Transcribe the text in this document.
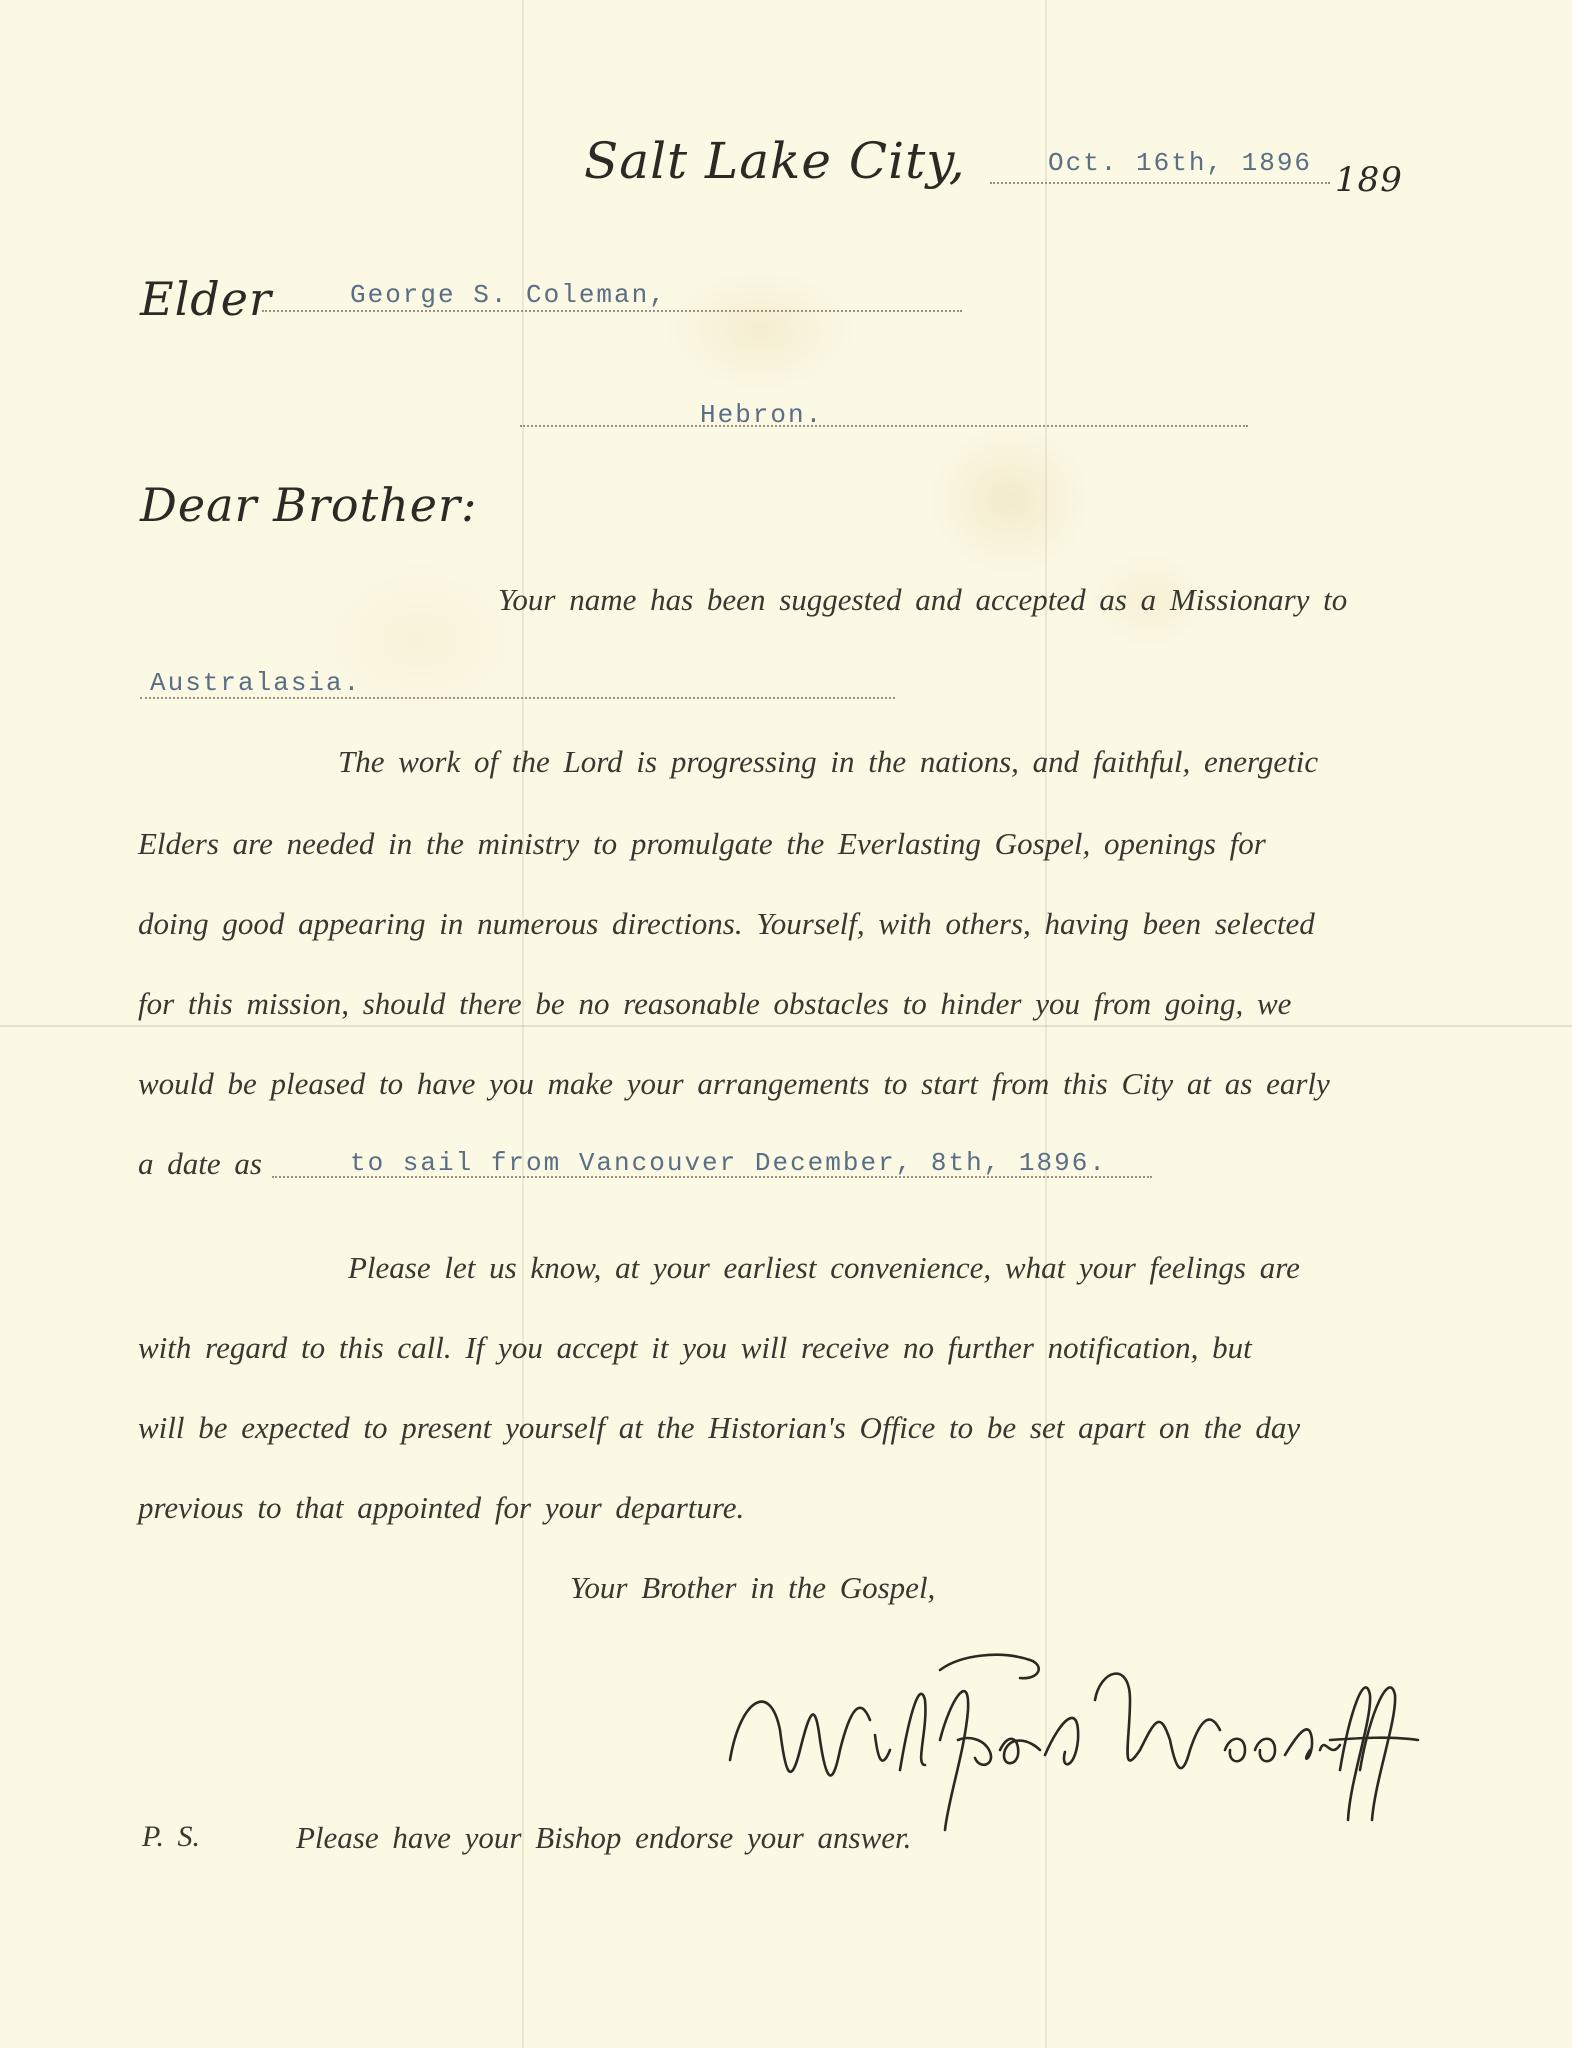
Salt Lake City,	Oct. 16th, 1896 189
Elder	George S. Coleman,
Hebron.
Dear Brother:
Your name has been suggested and accepted as a Missionary to
Australasia.
The work of the Lord is progressing in the nations, and faithful, energetic
Elders are needed in the ministry to promulgate the Everlasting Gospel, openings for
doing good appearing in numerous directions. Yourself, with others, having been selected
for this mission, should there be no reasonable obstacles to hinder you from going, we
would be pleased to have you make your arrangements to start from this City at as early
a date as	to sail from Vancouver December, 8th, 1896.
Please let us know, at your earliest convenience, what your feelings are
with regard to this call. If you accept it you will receive no further notification, but
will be expected to present yourself at the Historian's Office to be set apart on the day
previous to that appointed for your departure.
Your Brother in the Gospel,
P. S.	Please have your Bishop endorse your answer.
